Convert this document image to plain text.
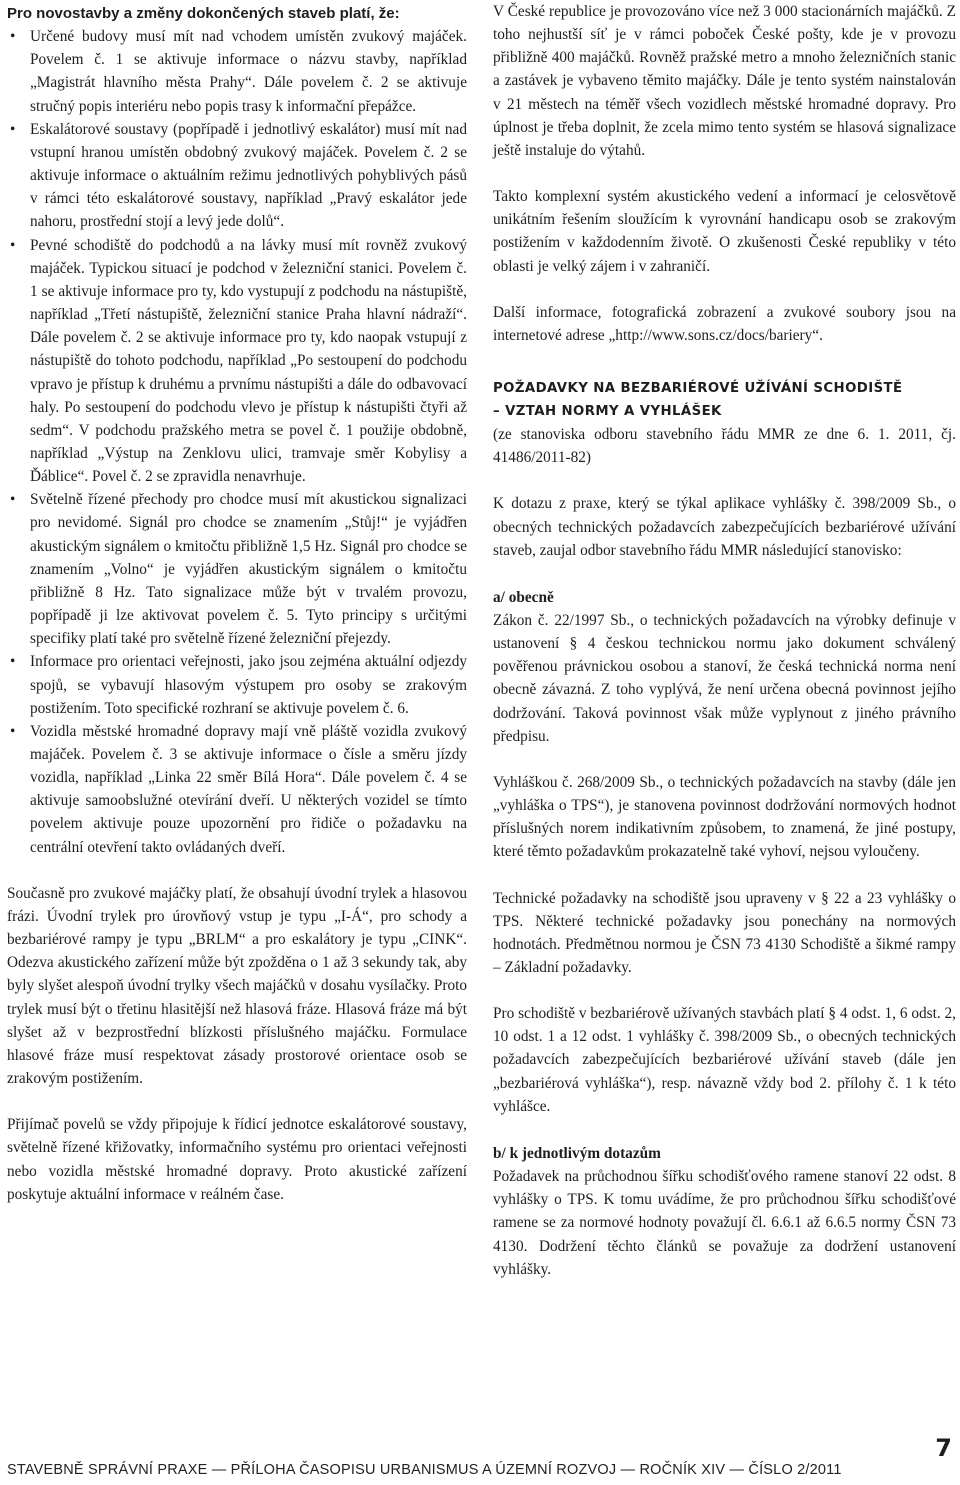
Pro novostavby a změny dokončených staveb platí, že:

• Určené budovy musí mít nad vchodem umístěn zvukový majáček. Povelem č. 1 se aktivuje informace o názvu stavby, například „Magistrát hlavního města Prahy“. Dále povelem č. 2 se aktivuje stručný popis interiéru nebo popis trasy k informační přepážce.
• Eskalátorové soustavy (popřípadě i jednotlivý eskalátor) musí mít nad vstupní hranou umístěn obdobný zvukový majáček. Povelem č. 2 se aktivuje informace o aktuálním režimu jednotlivých pohyblivých pásů v rámci této eskalátorové soustavy, například „Pravý eskalátor jede nahoru, prostřední stojí a levý jede dolů“.
• Pevné schodiště do podchodů a na lávky musí mít rovněž zvukový majáček. Typickou situací je podchod v železniční stanici. Povelem č. 1 se aktivuje informace pro ty, kdo vystupují z podchodu na nástupiště, například „Třetí nástupiště, železniční stanice Praha hlavní nádraží“. Dále povelem č. 2 se aktivuje informace pro ty, kdo naopak vstupují z nástupiště do tohoto podchodu, například „Po sestoupení do podchodu vpravo je přístup k druhému a prvnímu nástupišti a dále do odbavovací haly. Po sestoupení do podchodu vlevo je přístup k nástupišti čtyři až sedm“. V podchodu pražského metra se povel č. 1 použije obdobně, například „Výstup na Zenklovu ulici, tramvaje směr Kobylisy a Ďáblice“. Povel č. 2 se zpravidla nenavrhuje.
• Světelně řízené přechody pro chodce musí mít akustickou signalizaci pro nevidomé. Signál pro chodce se znamením „Stůj!“ je vyjádřen akustickým signálem o kmitočtu přibližně 1,5 Hz. Signál pro chodce se znamením „Volno“ je vyjádřen akustickým signálem o kmitočtu přibližně 8 Hz. Tato signalizace může být v trvalém provozu, popřípadě ji lze aktivovat povelem č. 5. Tyto principy s určitými specifiky platí také pro světelně řízené železniční přejezdy.
• Informace pro orientaci veřejnosti, jako jsou zejména aktuální odjezdy spojů, se vybavují hlasovým výstupem pro osoby se zrakovým postižením. Toto specifické rozhraní se aktivuje povelem č. 6.
• Vozidla městské hromadné dopravy mají vně pláště vozidla zvukový majáček. Povelem č. 3 se aktivuje informace o čísle a směru jízdy vozidla, například „Linka 22 směr Bílá Hora“. Dále povelem č. 4 se aktivuje samoobslužné otevírání dveří. U některých vozidel se tímto povelem aktivuje pouze upozornění pro řidiče o požadavku na centrální otevření takto ovládaných dveří.

Současně pro zvukové majáčky platí, že obsahují úvodní trylek a hlasovou frázi. Úvodní trylek pro úrovňový vstup je typu „I-Á“, pro schody a bezbariérové rampy je typu „BRLM“ a pro eskalátory je typu „CINK“. Odezva akustického zařízení může být zpožděna o 1 až 3 sekundy tak, aby byly slyšet alespoň úvodní trylky všech majáčků v dosahu vysílačky. Proto trylek musí být o třetinu hlasitější než hlasová fráze. Hlasová fráze má být slyšet až v bezprostřední blízkosti příslušného majáčku. Formulace hlasové fráze musí respektovat zásady prostorové orientace osob se zrakovým postižením.

Přijímač povelů se vždy připojuje k řídicí jednotce eskalátorové soustavy, světelně řízené křižovatky, informačního systému pro orientaci veřejnosti nebo vozidla městské hromadné dopravy. Proto akustické zařízení poskytuje aktuální informace v reálném čase.

V České republice je provozováno více než 3 000 stacionárních majáčků. Z toho nejhustší síť je v rámci poboček České pošty, kde je v provozu přibližně 400 majáčků. Rovněž pražské metro a mnoho železničních stanic a zastávek je vybaveno těmito majáčky. Dále je tento systém nainstalován v 21 městech na téměř všech vozidlech městské hromadné dopravy. Pro úplnost je třeba doplnit, že zcela mimo tento systém se hlasová signalizace ještě instaluje do výtahů.

Takto komplexní systém akustického vedení a informací je celosvětově unikátním řešením sloužícím k vyrovnání handicapu osob se zrakovým postižením v každodenním životě. O zkušenosti České republiky v této oblasti je velký zájem i v zahraničí.

Další informace, fotografická zobrazení a zvukové soubory jsou na internetové adrese „http://www.sons.cz/docs/bariery“.

POŽADAVKY NA BEZBARIÉROVÉ UŽÍVÁNÍ SCHODIŠTĚ
– VZTAH NORMY A VYHLÁŠEK

(ze stanoviska odboru stavebního řádu MMR ze dne 6. 1. 2011, čj. 41486/2011-82)

K dotazu z praxe, který se týkal aplikace vyhlášky č. 398/2009 Sb., o obecných technických požadavcích zabezpečujících bezbariérové užívání staveb, zaujal odbor stavebního řádu MMR následující stanovisko:

a/ obecně

Zákon č. 22/1997 Sb., o technických požadavcích na výrobky definuje v ustanovení § 4 českou technickou normu jako dokument schválený pověřenou právnickou osobou a stanoví, že česká technická norma není obecně závazná. Z toho vyplývá, že není určena obecná povinnost jejího dodržování. Taková povinnost však může vyplynout z jiného právního předpisu.

Vyhláškou č. 268/2009 Sb., o technických požadavcích na stavby (dále jen „vyhláška o TPS“), je stanovena povinnost dodržování normových hodnot příslušných norem indikativním způsobem, to znamená, že jiné postupy, které těmto požadavkům prokazatelně také vyhoví, nejsou vyloučeny.

Technické požadavky na schodiště jsou upraveny v § 22 a 23 vyhlášky o TPS. Některé technické požadavky jsou ponechány na normových hodnotách. Předmětnou normou je ČSN 73 4130 Schodiště a šikmé rampy – Základní požadavky.

Pro schodiště v bezbariérově užívaných stavbách platí § 4 odst. 1, 6 odst. 2, 10 odst. 1 a 12 odst. 1 vyhlášky č. 398/2009 Sb., o obecných technických požadavcích zabezpečujících bezbariérové užívání staveb (dále jen „bezbariérová vyhláška“), resp. návazně vždy bod 2. přílohy č. 1 k této vyhlášce.

b/ k jednotlivým dotazům

Požadavek na průchodnou šířku schodišťového ramene stanoví 22 odst. 8 vyhlášky o TPS. K tomu uvádíme, že pro průchodnou šířku schodišťové ramene se za normové hodnoty považují čl. 6.6.1 až 6.6.5 normy ČSN 73 4130. Dodržení těchto článků se považuje za dodržení ustanovení vyhlášky.

7
STAVEBNĚ SPRÁVNÍ PRAXE — PŘÍLOHA ČASOPISU URBANISMUS A ÚZEMNÍ ROZVOJ — ROČNÍK XIV — ČÍSLO 2/2011
